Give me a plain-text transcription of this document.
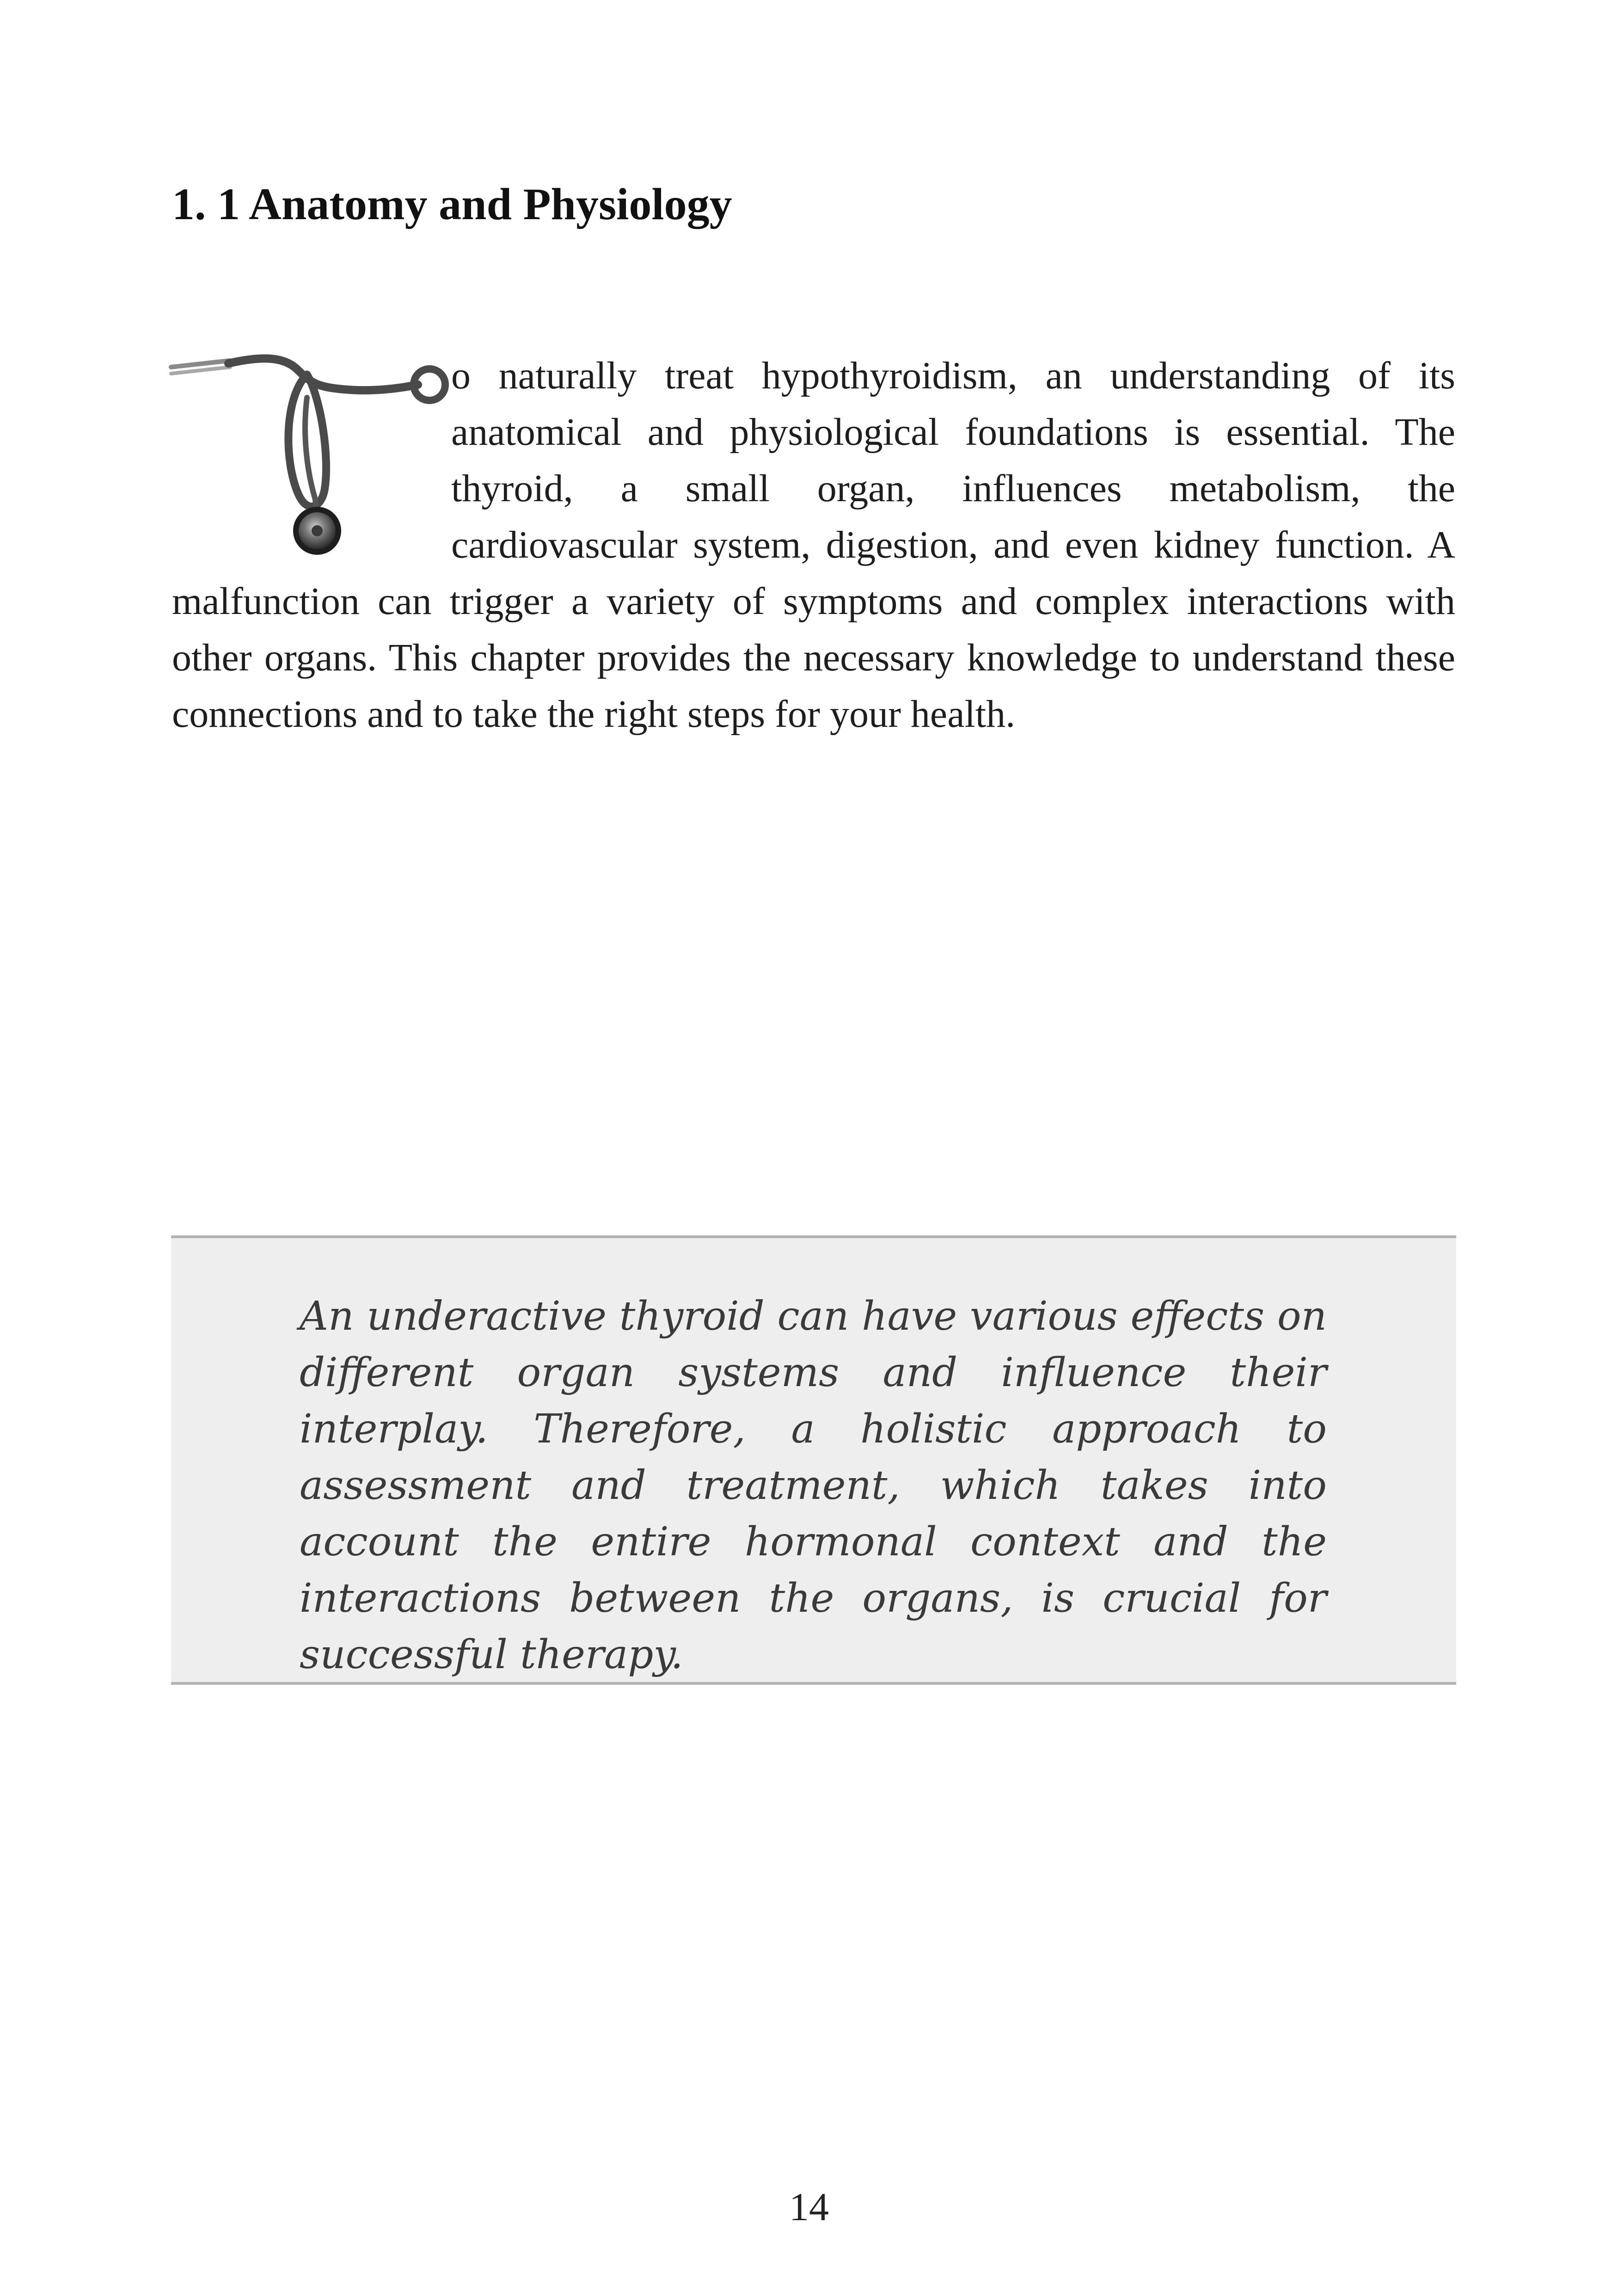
1. 1 Anatomy and Physiology
o naturally treat hypothyroidism, an understanding of its anatomical and physiological foundations is essential. The thyroid, a small organ, influences metabolism, the cardiovascular system, digestion, and even kidney function. A malfunction can trigger a variety of symptoms and complex interactions with other organs. This chapter provides the necessary knowledge to understand these connections and to take the right steps for your health.

An underactive thyroid can have various effects on different organ systems and influence their interplay. Therefore, a holistic approach to assessment and treatment, which takes into account the entire hormonal context and the interactions between the organs, is crucial for successful therapy.

14
